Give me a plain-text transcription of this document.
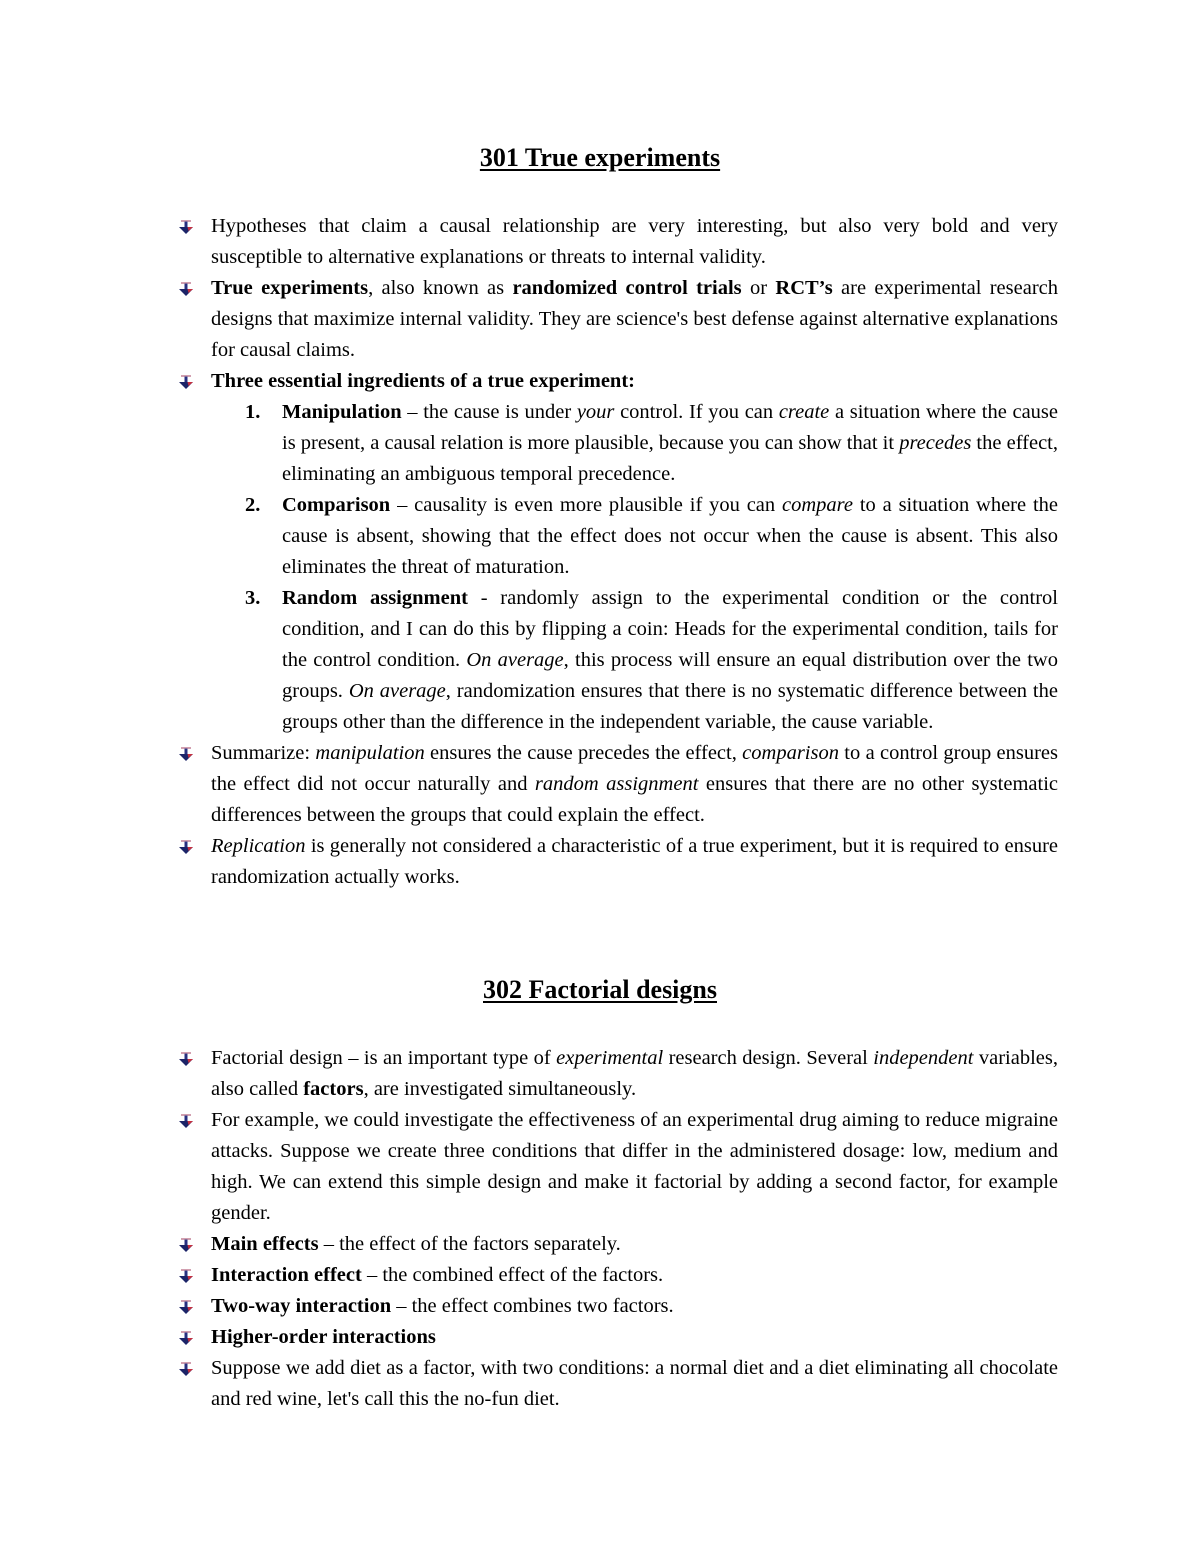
301 True experiments
Hypotheses that claim a causal relationship are very interesting, but also very bold and very susceptible to alternative explanations or threats to internal validity.
True experiments, also known as randomized control trials or RCT’s are experimental research designs that maximize internal validity. They are science's best defense against alternative explanations for causal claims.
Three essential ingredients of a true experiment:
1. Manipulation – the cause is under your control. If you can create a situation where the cause is present, a causal relation is more plausible, because you can show that it precedes the effect, eliminating an ambiguous temporal precedence.
2. Comparison – causality is even more plausible if you can compare to a situation where the cause is absent, showing that the effect does not occur when the cause is absent. This also eliminates the threat of maturation.
3. Random assignment - randomly assign to the experimental condition or the control condition, and I can do this by flipping a coin: Heads for the experimental condition, tails for the control condition. On average, this process will ensure an equal distribution over the two groups. On average, randomization ensures that there is no systematic difference between the groups other than the difference in the independent variable, the cause variable.
Summarize: manipulation ensures the cause precedes the effect, comparison to a control group ensures the effect did not occur naturally and random assignment ensures that there are no other systematic differences between the groups that could explain the effect.
Replication is generally not considered a characteristic of a true experiment, but it is required to ensure randomization actually works.
302 Factorial designs
Factorial design – is an important type of experimental research design. Several independent variables, also called factors, are investigated simultaneously.
For example, we could investigate the effectiveness of an experimental drug aiming to reduce migraine attacks. Suppose we create three conditions that differ in the administered dosage: low, medium and high. We can extend this simple design and make it factorial by adding a second factor, for example gender.
Main effects – the effect of the factors separately.
Interaction effect – the combined effect of the factors.
Two-way interaction – the effect combines two factors.
Higher-order interactions
Suppose we add diet as a factor, with two conditions: a normal diet and a diet eliminating all chocolate and red wine, let's call this the no-fun diet.
